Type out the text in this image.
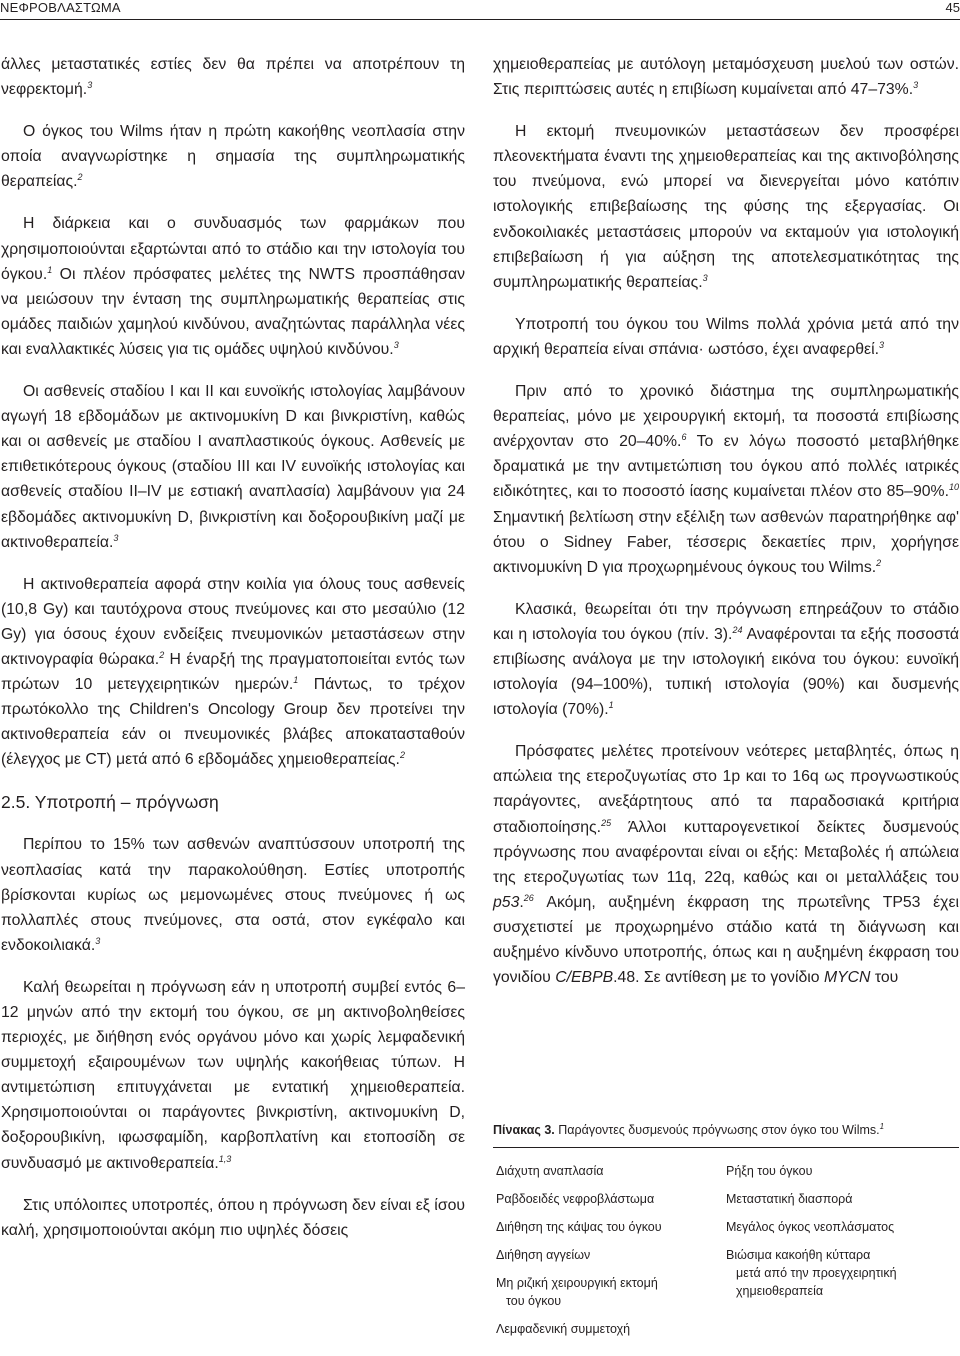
ΝΕΦΡΟΒΛΑΣΤΩΜΑ	45

άλλες μεταστατικές εστίες δεν θα πρέπει να αποτρέπουν τη νεφρεκτομή.$^3$

Ο όγκος του Wilms ήταν η πρώτη κακοήθης νεοπλασία στην οποία αναγνωρίστηκε η σημασία της συμπληρωματικής θεραπείας.$^2$

Η διάρκεια και ο συνδυασμός των φαρμάκων που χρησιμοποιούνται εξαρτώνται από το στάδιο και την ιστολογία του όγκου.$^1$ Οι πλέον πρόσφατες μελέτες της NWTS προσπάθησαν να μειώσουν την ένταση της συμπληρωματικής θεραπείας στις ομάδες παιδιών χαμηλού κινδύνου, αναζητώντας παράλληλα νέες και εναλλακτικές λύσεις για τις ομάδες υψηλού κινδύνου.$^3$

Οι ασθενείς σταδίου I και II και ευνοϊκής ιστολογίας λαμβάνουν αγωγή 18 εβδομάδων με ακτινομυκίνη D και βινκριστίνη, καθώς και οι ασθενείς με σταδίου I αναπλαστικούς όγκους. Ασθενείς με επιθετικότερους όγκους (σταδίου III και IV ευνοϊκής ιστολογίας και ασθενείς σταδίου II–IV με εστιακή αναπλασία) λαμβάνουν για 24 εβδομάδες ακτινομυκίνη D, βινκριστίνη και δοξορουβικίνη μαζί με ακτινοθεραπεία.$^3$

Η ακτινοθεραπεία αφορά στην κοιλία για όλους τους ασθενείς (10,8 Gy) και ταυτόχρονα στους πνεύμονες και στο μεσαύλιο (12 Gy) για όσους έχουν ενδείξεις πνευμονικών μεταστάσεων στην ακτινογραφία θώρακα.$^2$ Η έναρξή της πραγματοποιείται εντός των πρώτων 10 μετεγχειρητικών ημερών.$^1$ Πάντως, το τρέχον πρωτόκολλο της Children's Oncology Group δεν προτείνει την ακτινοθεραπεία εάν οι πνευμονικές βλάβες αποκατασταθούν (έλεγχος με CT) μετά από 6 εβδομάδες χημειοθεραπείας.$^2$

2.5. Υποτροπή – πρόγνωση

Περίπου το 15% των ασθενών αναπτύσσουν υποτροπή της νεοπλασίας κατά την παρακολούθηση. Εστίες υποτροπής βρίσκονται κυρίως ως μεμονωμένες στους πνεύμονες ή ως πολλαπλές στους πνεύμονες, στα οστά, στον εγκέφαλο και ενδοκοιλιακά.$^3$

Καλή θεωρείται η πρόγνωση εάν η υποτροπή συμβεί εντός 6–12 μηνών από την εκτομή του όγκου, σε μη ακτινοβοληθείσες περιοχές, με διήθηση ενός οργάνου μόνο και χωρίς λεμφαδενική συμμετοχή εξαιρουμένων των υψηλής κακοήθειας τύπων. Η αντιμετώπιση επιτυγχάνεται με εντατική χημειοθεραπεία. Χρησιμοποιούνται οι παράγοντες βινκριστίνη, ακτινομυκίνη D, δοξορουβικίνη, ιφωσφαμίδη, καρβοπλατίνη και ετοποσίδη σε συνδυασμό με ακτινοθεραπεία.$^{1,3}$

Στις υπόλοιπες υποτροπές, όπου η πρόγνωση δεν είναι εξ ίσου καλή, χρησιμοποιούνται ακόμη πιο υψηλές δόσεις

χημειοθεραπείας με αυτόλογη μεταμόσχευση μυελού των οστών. Στις περιπτώσεις αυτές η επιβίωση κυμαίνεται από 47–73%.$^3$

Η εκτομή πνευμονικών μεταστάσεων δεν προσφέρει πλεονεκτήματα έναντι της χημειοθεραπείας και της ακτινοβόλησης του πνεύμονα, ενώ μπορεί να διενεργείται μόνο κατόπιν ιστολογικής επιβεβαίωσης της φύσης της εξεργασίας. Οι ενδοκοιλιακές μεταστάσεις μπορούν να εκταμούν για ιστολογική επιβεβαίωση ή για αύξηση της αποτελεσματικότητας της συμπληρωματικής θεραπείας.$^3$

Υποτροπή του όγκου του Wilms πολλά χρόνια μετά από την αρχική θεραπεία είναι σπάνια· ωστόσο, έχει αναφερθεί.$^3$

Πριν από το χρονικό διάστημα της συμπληρωματικής θεραπείας, μόνο με χειρουργική εκτομή, τα ποσοστά επιβίωσης ανέρχονταν στο 20–40%.$^6$ Το εν λόγω ποσοστό μεταβλήθηκε δραματικά με την αντιμετώπιση του όγκου από πολλές ιατρικές ειδικότητες, και το ποσοστό ίασης κυμαίνεται πλέον στο 85–90%.$^{10}$ Σημαντική βελτίωση στην εξέλιξη των ασθενών παρατηρήθηκε αφ' ότου ο Sidney Faber, τέσσερις δεκαετίες πριν, χορήγησε ακτινομυκίνη D για προχωρημένους όγκους του Wilms.$^2$

Κλασικά, θεωρείται ότι την πρόγνωση επηρεάζουν το στάδιο και η ιστολογία του όγκου (πίν. 3).$^{24}$ Αναφέρονται τα εξής ποσοστά επιβίωσης ανάλογα με την ιστολογική εικόνα του όγκου: ευνοϊκή ιστολογία (94–100%), τυπική ιστολογία (90%) και δυσμενής ιστολογία (70%).$^1$

Πρόσφατες μελέτες προτείνουν νεότερες μεταβλητές, όπως η απώλεια της ετεροζυγωτίας στο 1p και το 16q ως προγνωστικούς παράγοντες, ανεξάρτητους από τα παραδοσιακά κριτήρια σταδιοποίησης.$^{25}$ Άλλοι κυτταρογενετικοί δείκτες δυσμενούς πρόγνωσης που αναφέρονται είναι οι εξής: Μεταβολές ή απώλεια της ετεροζυγωτίας των 11q, 22q, καθώς και οι μεταλλάξεις του p53.26 Ακόμη, αυξημένη έκφραση της πρωτεΐνης TP53 έχει συσχετιστεί με προχωρημένο στάδιο κατά τη διάγνωση και αυξημένο κίνδυνο υποτροπής, όπως και η αυξημένη έκφραση του γονιδίου C/EBPB.48. Σε αντίθεση με το γονίδιο MYCN του

Πίνακας 3. Παράγοντες δυσμενούς πρόγνωσης στον όγκο του Wilms.$^1$
Διάχυτη αναπλασία
Ραβδοειδές νεφροβλάστωμα
Διήθηση της κάψας του όγκου
Διήθηση αγγείων
Μη ριζική χειρουργική εκτομή
του όγκου
Λεμφαδενική συμμετοχή
Ρήξη του όγκου
Μεταστατική διασπορά
Μεγάλος όγκος νεοπλάσματος
Βιώσιμα κακοήθη κύτταρα
μετά από την προεγχειρητική
χημειοθεραπεία
